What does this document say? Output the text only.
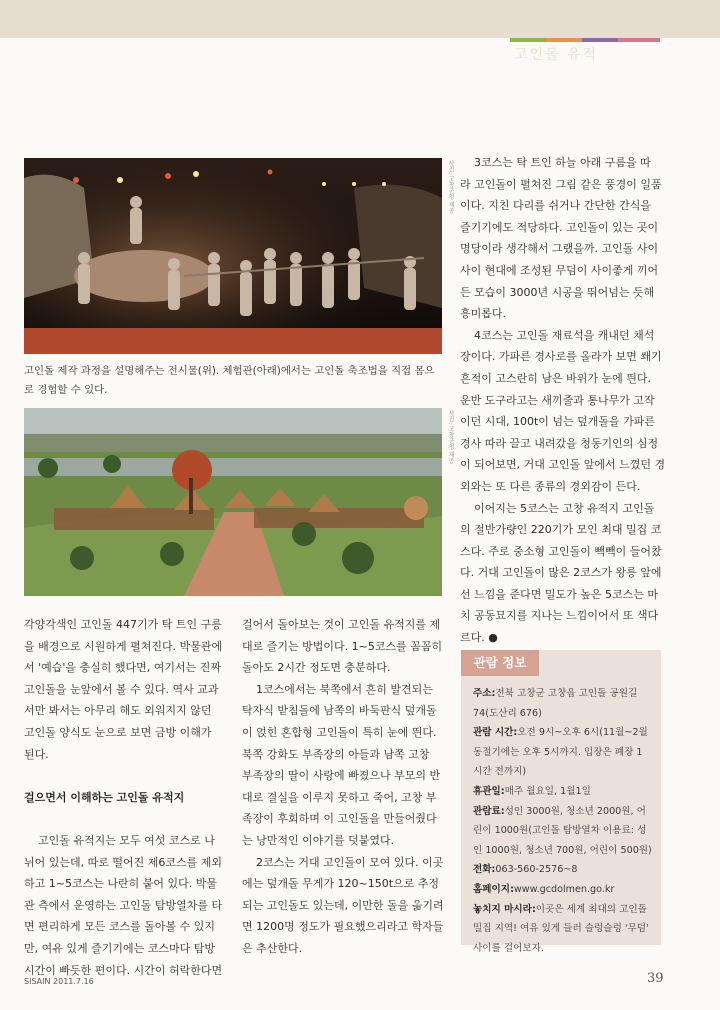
고인돌 유적
사진: 고창군청 제공
고인돌 제작 과정을 설명해주는 전시물(위). 체험관(아래)에서는 고인돌 축조법을 직접 몸으로 경험할 수 있다.
사진: 고창군청 제공
3코스는 탁 트인 하늘 아래 구름을 따
라 고인돌이 펼쳐진 그림 같은 풍경이 일품
이다. 지친 다리를 쉬거나 간단한 간식을
즐기기에도 적당하다. 고인돌이 있는 곳이
명당이라 생각해서 그랬을까. 고인돌 사이
사이 현대에 조성된 무덤이 사이좋게 끼어
든 모습이 3000년 시공을 뛰어넘는 듯해
흥미롭다.
4코스는 고인돌 재료석을 캐내던 채석
장이다. 가파른 경사로를 올라가 보면 쐐기
흔적이 고스란히 남은 바위가 눈에 띈다.
운반 도구라고는 새끼줄과 통나무가 고작
이던 시대, 100t이 넘는 덮개돌을 가파른
경사 따라 끌고 내려갔을 청동기인의 심정
이 되어보면, 거대 고인돌 앞에서 느꼈던 경
외와는 또 다른 종류의 경외감이 든다.
이어지는 5코스는 고창 유적지 고인돌
의 절반가량인 220기가 모인 최대 밀집 코
스다. 주로 중소형 고인돌이 빽빽이 들어찼
다. 거대 고인돌이 많은 2코스가 왕릉 앞에
선 느낌을 준다면 밀도가 높은 5코스는 마
치 공동묘지를 지나는 느낌이어서 또 색다
르다. ●
각양각색인 고인돌 447기가 탁 트인 구릉
을 배경으로 시원하게 펼쳐진다. 박물관에
서 '예습'을 충실히 했다면, 여기서는 진짜
고인돌을 눈앞에서 볼 수 있다. 역사 교과
서만 봐서는 아무리 해도 외워지지 않던
고인돌 양식도 눈으로 보면 금방 이해가
된다.
걸으면서 이해하는 고인돌 유적지
고인돌 유적지는 모두 여섯 코스로 나
뉘어 있는데, 따로 떨어진 제6코스를 제외
하고 1~5코스는 나란히 붙어 있다. 박물
관 측에서 운영하는 고인돌 탐방열차를 타
면 편리하게 모든 코스를 돌아볼 수 있지
만, 여유 있게 즐기기에는 코스마다 탐방
시간이 빠듯한 편이다. 시간이 허락한다면
걸어서 돌아보는 것이 고인돌 유적지를 제
대로 즐기는 방법이다. 1~5코스를 꼼꼼히
돌아도 2시간 정도면 충분하다.
1코스에서는 북쪽에서 흔히 발견되는
탁자식 받침돌에 남쪽의 바둑판식 덮개돌
이 얹힌 혼합형 고인돌이 특히 눈에 띈다.
북쪽 강화도 부족장의 아들과 남쪽 고창
부족장의 딸이 사랑에 빠졌으나 부모의 반
대로 결실을 이루지 못하고 죽어, 고창 부
족장이 후회하며 이 고인돌을 만들어줬다
는 낭만적인 이야기를 덧붙였다.
2코스는 거대 고인돌이 모여 있다. 이곳
에는 덮개돌 무게가 120~150t으로 추정
되는 고인돌도 있는데, 이만한 돌을 옮기려
면 1200명 정도가 필요했으리라고 학자들
은 추산한다.
관람 정보
주소:전북 고창군 고창읍 고인돌 공원길
74(도산리 676)
관람 시간:오전 9시~오후 6시(11월~2월
동절기에는 오후 5시까지. 입장은 폐장 1
시간 전까지)
휴관일:매주 월요일, 1월1일
관람료:성인 3000원, 청소년 2000원, 어
린이 1000원(고인돌 탐방열차 이용료: 성
인 1000원, 청소년 700원, 어린이 500원)
전화:063-560-2576~8
홈페이지:www.gcdolmen.go.kr
놓치지 마시라:이곳은 세계 최대의 고인돌
밀집 지역! 여유 있게 들러 슬렁슬렁 '무덤'
사이를 걸어보자.
SISAIN 2011.7.16	39
